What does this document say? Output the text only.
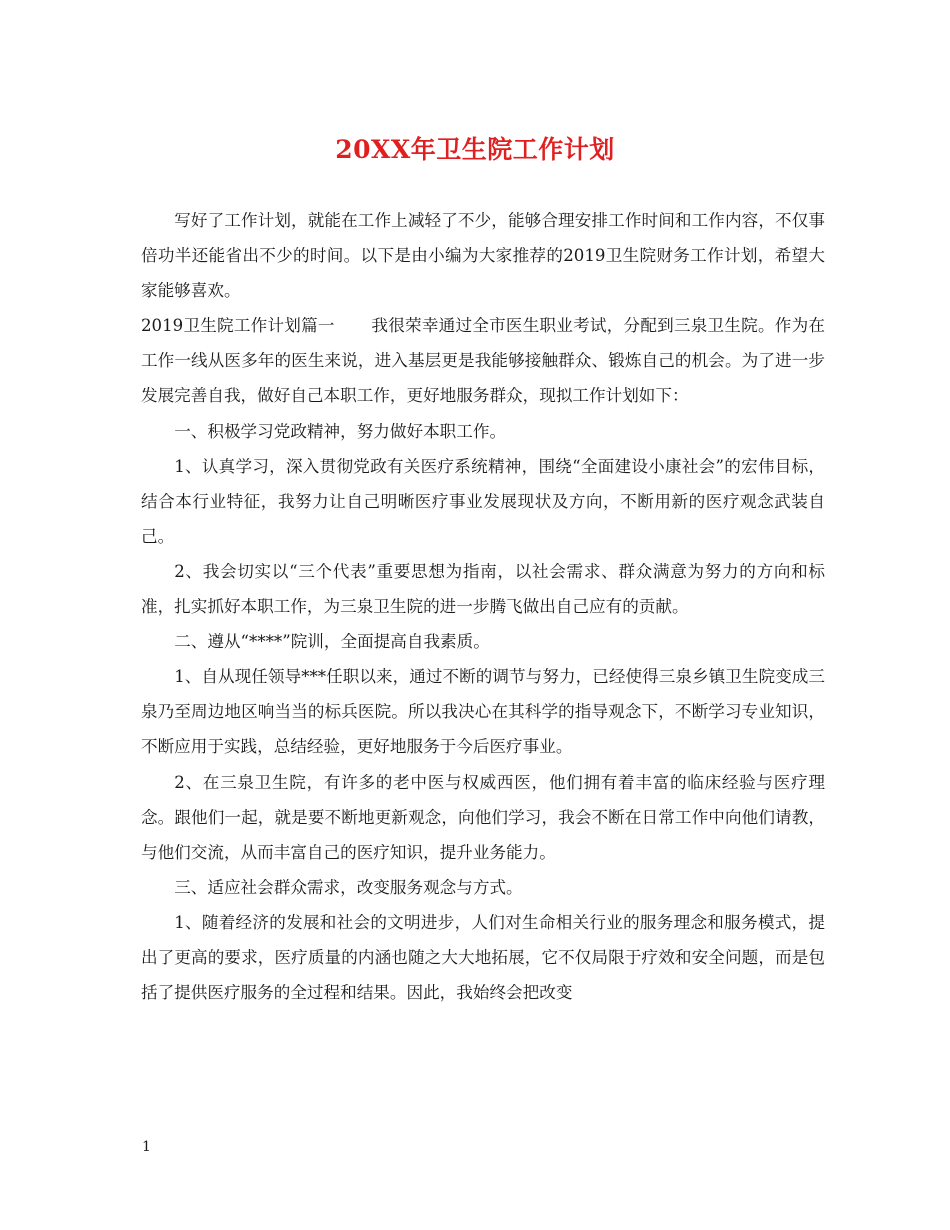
20XX年卫生院工作计划

写好了工作计划，就能在工作上减轻了不少，能够合理安排工作时间和工作内容，不仅事倍功半还能省出不少的时间。以下是由小编为大家推荐的2019卫生院财务工作计划，希望大家能够喜欢。

2019卫生院工作计划篇一 我很荣幸通过全市医生职业考试，分配到三泉卫生院。作为在工作一线从医多年的医生来说，进入基层更是我能够接触群众、锻炼自己的机会。为了进一步发展完善自我，做好自己本职工作，更好地服务群众，现拟工作计划如下：

一、积极学习党政精神，努力做好本职工作。

1、认真学习，深入贯彻党政有关医疗系统精神，围绕“全面建设小康社会”的宏伟目标，结合本行业特征，我努力让自己明晰医疗事业发展现状及方向，不断用新的医疗观念武装自己。

2、我会切实以“三个代表”重要思想为指南，以社会需求、群众满意为努力的方向和标准，扎实抓好本职工作，为三泉卫生院的进一步腾飞做出自己应有的贡献。

二、遵从“****”院训，全面提高自我素质。

1、自从现任领导***任职以来，通过不断的调节与努力，已经使得三泉乡镇卫生院变成三泉乃至周边地区响当当的标兵医院。所以我决心在其科学的指导观念下，不断学习专业知识，不断应用于实践，总结经验，更好地服务于今后医疗事业。

2、在三泉卫生院，有许多的老中医与权威西医，他们拥有着丰富的临床经验与医疗理念。跟他们一起，就是要不断地更新观念，向他们学习，我会不断在日常工作中向他们请教，与他们交流，从而丰富自己的医疗知识，提升业务能力。

三、适应社会群众需求，改变服务观念与方式。

1、随着经济的发展和社会的文明进步，人们对生命相关行业的服务理念和服务模式，提出了更高的要求，医疗质量的内涵也随之大大地拓展，它不仅局限于疗效和安全问题，而是包括了提供医疗服务的全过程和结果。因此，我始终会把改变

1
